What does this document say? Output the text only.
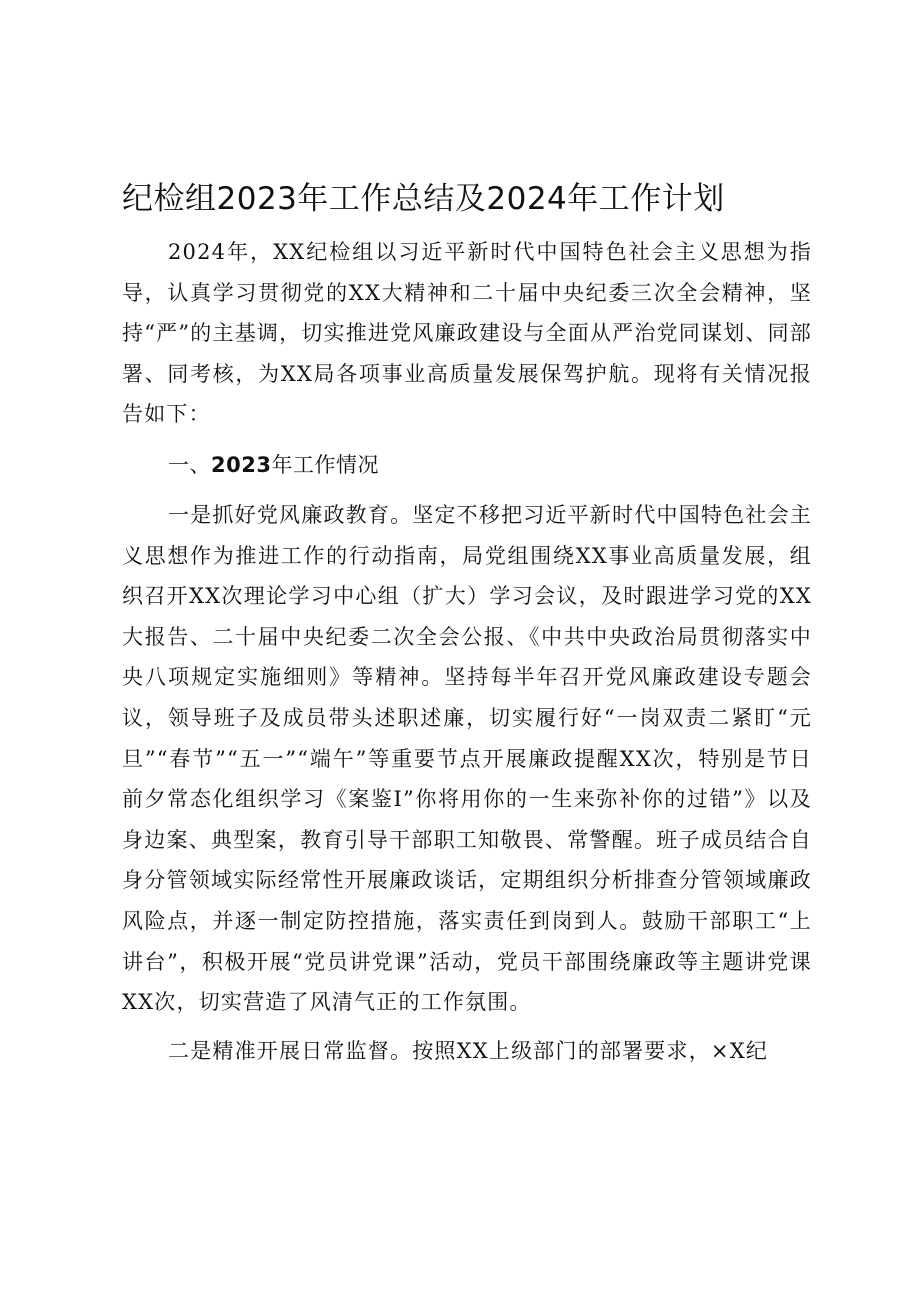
纪检组2023年工作总结及2024年工作计划

2024年，XX纪检组以习近平新时代中国特色社会主义思想为指导，认真学习贯彻党的XX大精神和二十届中央纪委三次全会精神，坚持“严”的主基调，切实推进党风廉政建设与全面从严治党同谋划、同部署、同考核，为XX局各项事业高质量发展保驾护航。现将有关情况报告如下：

一、2023年工作情况

一是抓好党风廉政教育。坚定不移把习近平新时代中国特色社会主义思想作为推进工作的行动指南，局党组围绕XX事业高质量发展，组织召开XX次理论学习中心组（扩大）学习会议，及时跟进学习党的XX大报告、二十届中央纪委二次全会公报、《中共中央政治局贯彻落实中央八项规定实施细则》等精神。坚持每半年召开党风廉政建设专题会议，领导班子及成员带头述职述廉，切实履行好“一岗双责二紧盯“元旦”“春节”“五一”“端午”等重要节点开展廉政提醒XX次，特别是节日前夕常态化组织学习《案鉴I”你将用你的一生来弥补你的过错”》以及身边案、典型案，教育引导干部职工知敬畏、常警醒。班子成员结合自身分管领域实际经常性开展廉政谈话，定期组织分析排查分管领域廉政风险点，并逐一制定防控措施，落实责任到岗到人。鼓励干部职工“上讲台”，积极开展“党员讲党课”活动，党员干部围绕廉政等主题讲党课XX次，切实营造了风清气正的工作氛围。

二是精准开展日常监督。按照XX上级部门的部署要求，×X纪
